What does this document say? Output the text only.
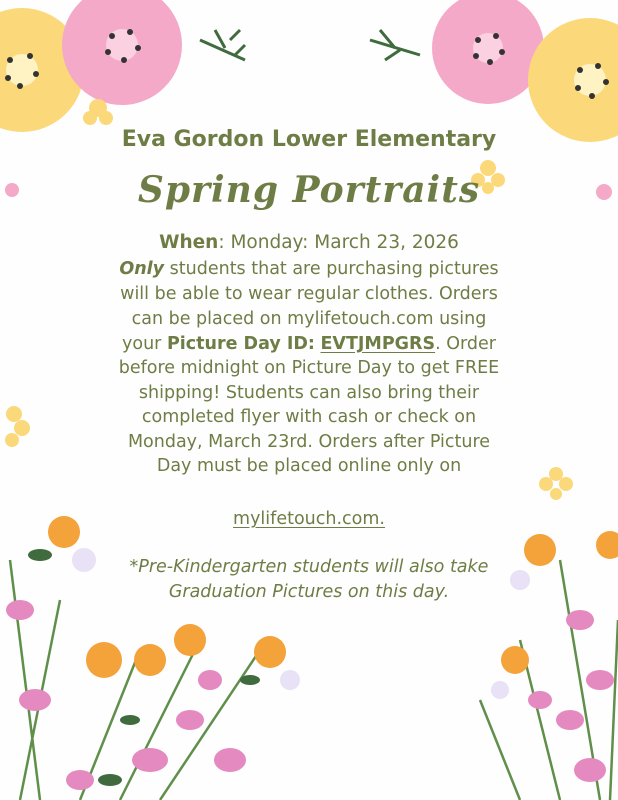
Eva Gordon Lower Elementary
Spring Portraits
When: Monday: March 23, 2026
Only students that are purchasing pictures
will be able to wear regular clothes. Orders
can be placed on mylifetouch.com using
your Picture Day ID: EVTJMPGRS. Order
before midnight on Picture Day to get FREE
shipping! Students can also bring their
completed flyer with cash or check on
Monday, March 23rd. Orders after Picture
Day must be placed online only on
mylifetouch.com.
*Pre-Kindergarten students will also take
Graduation Pictures on this day.
